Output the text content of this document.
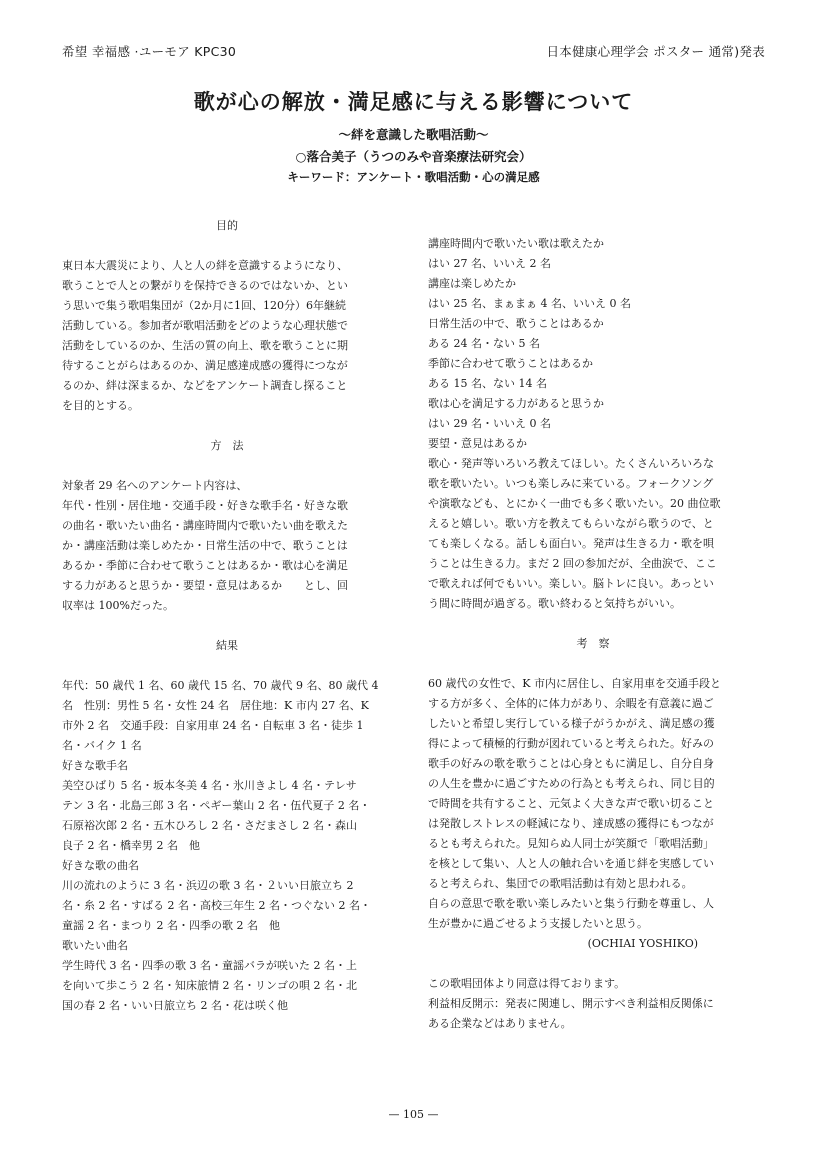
希望 幸福感 ·ユーモア KPC30	日本健康心理学会 ポスター 通常)発表
歌が心の解放・満足感に与える影響について
〜絆を意識した歌唱活動〜
○落合美子（うつのみや音楽療法研究会）
キーワード：アンケート・歌唱活動・心の満足感
目的
東日本大震災により、人と人の絆を意識するようになり、
歌うことで人との繋がりを保持できるのではないか、とい
う思いで集う歌唱集団が（2か月に1回、120分）6年継続
活動している。参加者が歌唱活動をどのような心理状態で
活動をしているのか、生活の質の向上、歌を歌うことに期
待することがらはあるのか、満足感達成感の獲得につなが
るのか、絆は深まるか、などをアンケート調査し探ること
を目的とする。
方　法
対象者 29 名へのアンケート内容は、
年代・性別・居住地・交通手段・好きな歌手名・好きな歌
の曲名・歌いたい曲名・講座時間内で歌いたい曲を歌えた
か・講座活動は楽しめたか・日常生活の中で、歌うことは
あるか・季節に合わせて歌うことはあるか・歌は心を満足
する力があると思うか・要望・意見はあるか　　とし、回
収率は 100%だった。
結果
年代：50 歳代 1 名、60 歳代 15 名、70 歳代 9 名、80 歳代 4
名　性別：男性 5 名・女性 24 名　居住地：K 市内 27 名、K
市外 2 名　交通手段：自家用車 24 名・自転車 3 名・徒歩 1
名・バイク 1 名
好きな歌手名
美空ひばり 5 名・坂本冬美 4 名・氷川きよし 4 名・テレサ
テン 3 名・北島三郎 3 名・ペギー葉山 2 名・伍代夏子 2 名・
石原裕次郎 2 名・五木ひろし 2 名・さだまさし 2 名・森山
良子 2 名・橋幸男 2 名　他
好きな歌の曲名
川の流れのように 3 名・浜辺の歌 3 名・２いい日旅立ち 2
名・糸 2 名・すばる 2 名・高校三年生 2 名・つぐない 2 名・
童謡 2 名・まつり 2 名・四季の歌 2 名　他
歌いたい曲名
学生時代 3 名・四季の歌 3 名・童謡バラが咲いた 2 名・上
を向いて歩こう 2 名・知床旅情 2 名・リンゴの唄 2 名・北
国の春 2 名・いい日旅立ち 2 名・花は咲く他
講座時間内で歌いたい歌は歌えたか
はい 27 名、いいえ 2 名
講座は楽しめたか
はい 25 名、まぁまぁ 4 名、いいえ 0 名
日常生活の中で、歌うことはあるか
ある 24 名・ない 5 名
季節に合わせて歌うことはあるか
ある 15 名、ない 14 名
歌は心を満足する力があると思うか
はい 29 名・いいえ 0 名
要望・意見はあるか
歌心・発声等いろいろ教えてほしい。たくさんいろいろな
歌を歌いたい。いつも楽しみに来ている。フォークソング
や演歌なども、とにかく一曲でも多く歌いたい。20 曲位歌
えると嬉しい。歌い方を教えてもらいながら歌うので、と
ても楽しくなる。話しも面白い。発声は生きる力・歌を唄
うことは生きる力。まだ 2 回の参加だが、全曲涙で、ここ
で歌えれば何でもいい。楽しい。脳トレに良い。あっとい
う間に時間が過ぎる。歌い終わると気持ちがいい。
考　察
60 歳代の女性で、K 市内に居住し、自家用車を交通手段と
する方が多く、全体的に体力があり、余暇を有意義に過ご
したいと希望し実行している様子がうかがえ、満足感の獲
得によって積極的行動が図れていると考えられた。好みの
歌手の好みの歌を歌うことは心身ともに満足し、自分自身
の人生を豊かに過ごすための行為とも考えられ、同じ目的
で時間を共有すること、元気よく大きな声で歌い切ること
は発散しストレスの軽減になり、達成感の獲得にもつなが
るとも考えられた。見知らぬ人同士が笑顔で「歌唱活動」
を核として集い、人と人の触れ合いを通じ絆を実感してい
ると考えられ、集団での歌唱活動は有効と思われる。
自らの意思で歌を歌い楽しみたいと集う行動を尊重し、人
生が豊かに過ごせるよう支援したいと思う。
(OCHIAI YOSHIKO)
この歌唱団体より同意は得ております。
利益相反開示：発表に関連し、開示すべき利益相反関係に
ある企業などはありません。
— 105 —
